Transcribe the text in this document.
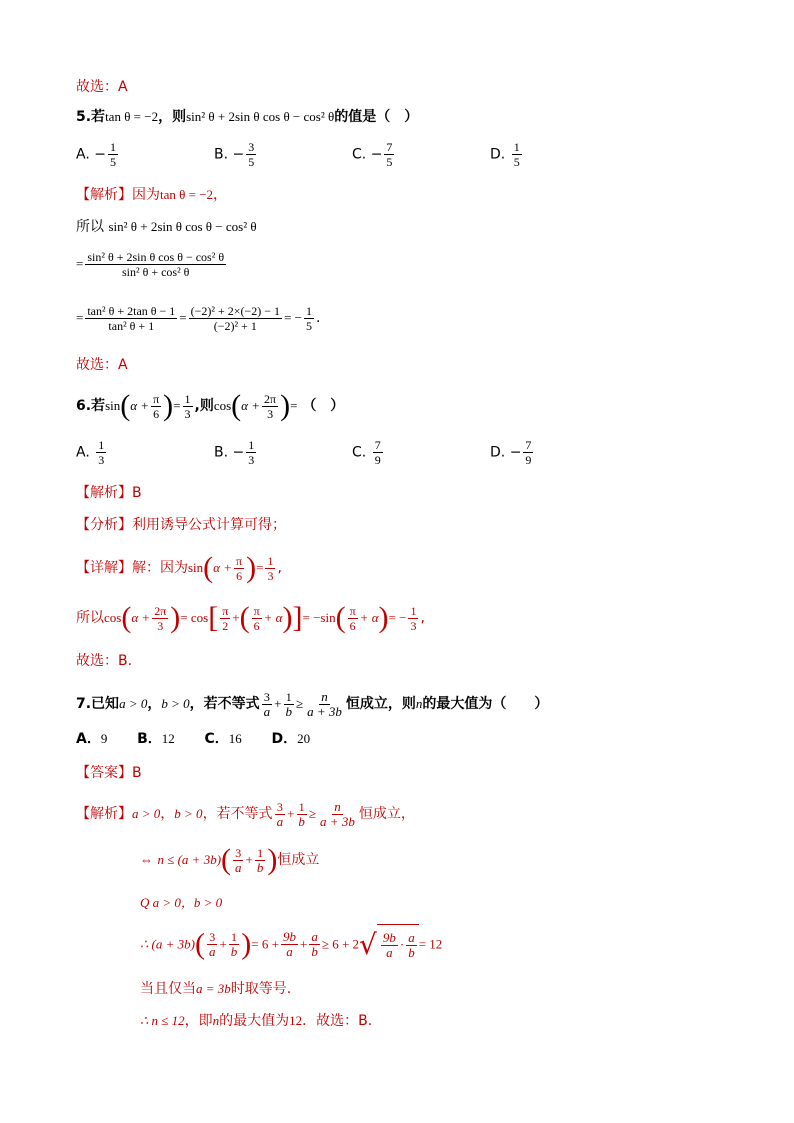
故选：A
5.若tan θ = −2，则sin² θ + 2sin θ cos θ − cos² θ的值是（　）
A. − $\frac{1}{5}$	B. − $\frac{3}{5}$	C. − $\frac{7}{5}$	D. $\frac{1}{5}$
【解析】因为tan θ = −2，
所以 sin² θ + 2sin θ cos θ − cos² θ
= $\frac{\text{sin² θ + 2sin θ cos θ − cos² θ}}{\text{sin² θ + cos² θ}}$
= $\frac{\text{tan² θ + 2tan θ − 1}}{\text{tan² θ + 1}} = \frac{\text{(−2)² + 2×(−2) − 1}}{\text{(−2)² + 1}}$ = − $\frac{1}{5}$ .
故选：A
6.若$\sin(\alpha + \frac{\pi}{6}$ )= $\frac{1}{3}$ ,则$\cos(\alpha + \frac{2\pi}{3}$ )= （　）
A. $\frac{1}{3}$	B. − $\frac{1}{3}$	C. $\frac{7}{9}$	D. − $\frac{7}{9}$
【解析】B
【分析】利用诱导公式计算可得；
【详解】解：因为$\sin(\alpha + \frac{\pi}{6}$ )= $\frac{1}{3}$ ,
所以$\cos(\alpha + \frac{2\pi}{3}$ )= $\cos[ \frac{\pi}{2}$ +( $\frac{\pi}{6} + \alpha)]= -\sin( \frac{\pi}{6} + \alpha)= - \frac{1}{3}$ ,
故选：B.
7.已知a > 0，b > 0，若不等式 $\frac{3}{a} + \frac{1}{b} \ge \frac{n}{a + 3b}$ 恒成立，则n的最大值为（　　）
A．9 B．12 C．16 D．20
【答案】B
【解析】a > 0，b > 0，若不等式 $\frac{3}{a} + \frac{1}{b} \ge \frac{n}{a + 3b}$ 恒成立，
⇔ $n \le (a + 3b)( \frac{3}{a} + \frac{1}{b}$ )恒成立
Q a > 0，b > 0
∴ $(a + 3b)( \frac{3}{a} + \frac{1}{b}$ )= $6 + \frac{9b}{a} + \frac{a}{b} \ge 6 + 2$ √ $\frac{9b}{a} \cdot \frac{a}{b} = 12$
当且仅当a = 3b时取等号.
∴ n ≤ 12，即n的最大值为12．故选：B.
